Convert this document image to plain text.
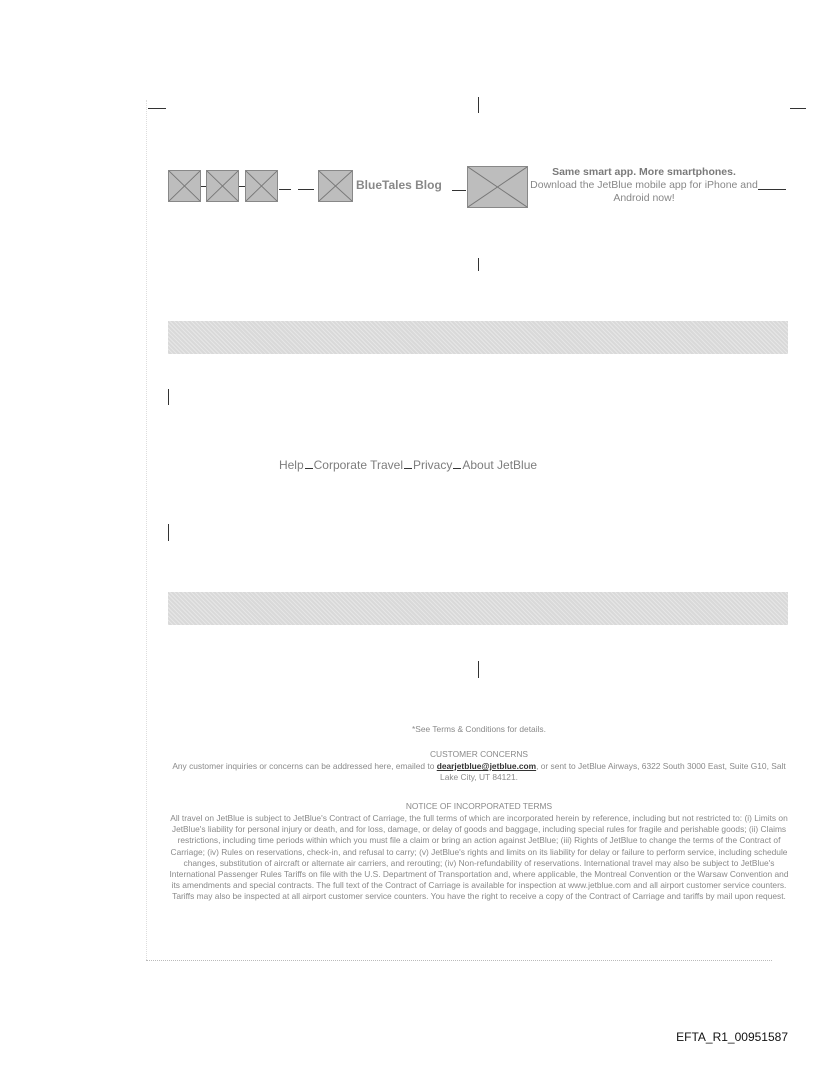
BlueTales Blog
Same smart app. More smartphones.
Download the JetBlue mobile app for iPhone and Android now!
Help Corporate Travel Privacy About JetBlue
*See Terms & Conditions for details.
CUSTOMER CONCERNS
Any customer inquiries or concerns can be addressed here, emailed to dearjetblue@jetblue.com, or sent to JetBlue Airways, 6322 South 3000 East, Suite G10, Salt Lake City, UT 84121.
NOTICE OF INCORPORATED TERMS
All travel on JetBlue is subject to JetBlue's Contract of Carriage, the full terms of which are incorporated herein by reference, including but not restricted to: (i) Limits on JetBlue's liability for personal injury or death, and for loss, damage, or delay of goods and baggage, including special rules for fragile and perishable goods; (ii) Claims restrictions, including time periods within which you must file a claim or bring an action against JetBlue; (iii) Rights of JetBlue to change the terms of the Contract of Carriage; (iv) Rules on reservations, check-in, and refusal to carry; (v) JetBlue's rights and limits on its liability for delay or failure to perform service, including schedule changes, substitution of aircraft or alternate air carriers, and rerouting; (iv) Non-refundability of reservations. International travel may also be subject to JetBlue's International Passenger Rules Tariffs on file with the U.S. Department of Transportation and, where applicable, the Montreal Convention or the Warsaw Convention and its amendments and special contracts. The full text of the Contract of Carriage is available for inspection at www.jetblue.com and all airport customer service counters. Tariffs may also be inspected at all airport customer service counters. You have the right to receive a copy of the Contract of Carriage and tariffs by mail upon request.
EFTA_R1_00951587
